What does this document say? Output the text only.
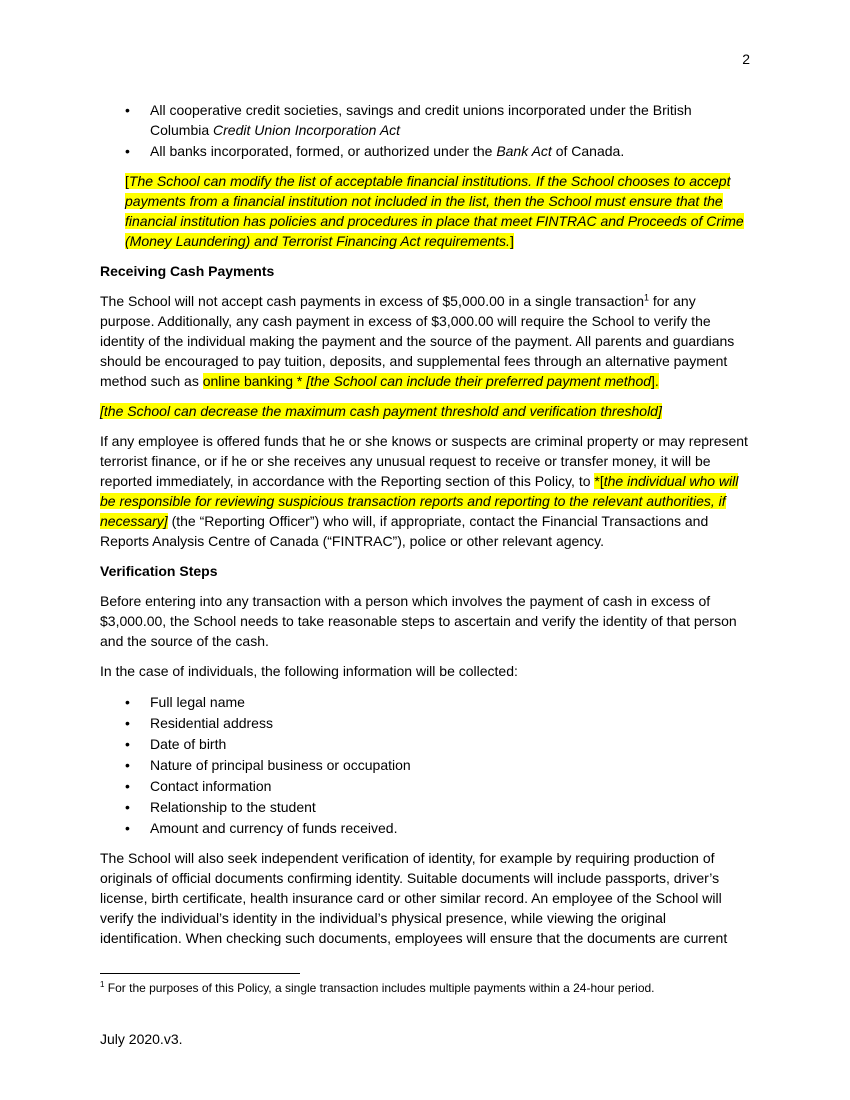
2
• All cooperative credit societies, savings and credit unions incorporated under the British Columbia Credit Union Incorporation Act
• All banks incorporated, formed, or authorized under the Bank Act of Canada.
[The School can modify the list of acceptable financial institutions. If the School chooses to accept payments from a financial institution not included in the list, then the School must ensure that the financial institution has policies and procedures in place that meet FINTRAC and Proceeds of Crime (Money Laundering) and Terrorist Financing Act requirements.]
Receiving Cash Payments

The School will not accept cash payments in excess of $5,000.00 in a single transaction$^1$ for any purpose. Additionally, any cash payment in excess of $3,000.00 will require the School to verify the identity of the individual making the payment and the source of the payment. All parents and guardians should be encouraged to pay tuition, deposits, and supplemental fees through an alternative payment method such as online banking * [the School can include their preferred payment method].

[the School can decrease the maximum cash payment threshold and verification threshold]

If any employee is offered funds that he or she knows or suspects are criminal property or may represent terrorist finance, or if he or she receives any unusual request to receive or transfer money, it will be reported immediately, in accordance with the Reporting section of this Policy, to *[the individual who will be responsible for reviewing suspicious transaction reports and reporting to the relevant authorities, if necessary] (the “Reporting Officer”) who will, if appropriate, contact the Financial Transactions and Reports Analysis Centre of Canada (“FINTRAC”), police or other relevant agency.

Verification Steps

Before entering into any transaction with a person which involves the payment of cash in excess of $3,000.00, the School needs to take reasonable steps to ascertain and verify the identity of that person and the source of the cash.

In the case of individuals, the following information will be collected:

• Full legal name
• Residential address
• Date of birth
• Nature of principal business or occupation
• Contact information
• Relationship to the student
• Amount and currency of funds received.

The School will also seek independent verification of identity, for example by requiring production of originals of official documents confirming identity. Suitable documents will include passports, driver’s license, birth certificate, health insurance card or other similar record. An employee of the School will verify the individual’s identity in the individual’s physical presence, while viewing the original identification. When checking such documents, employees will ensure that the documents are current

$^1$ For the purposes of this Policy, a single transaction includes multiple payments within a 24-hour period.
July 2020.v3.
